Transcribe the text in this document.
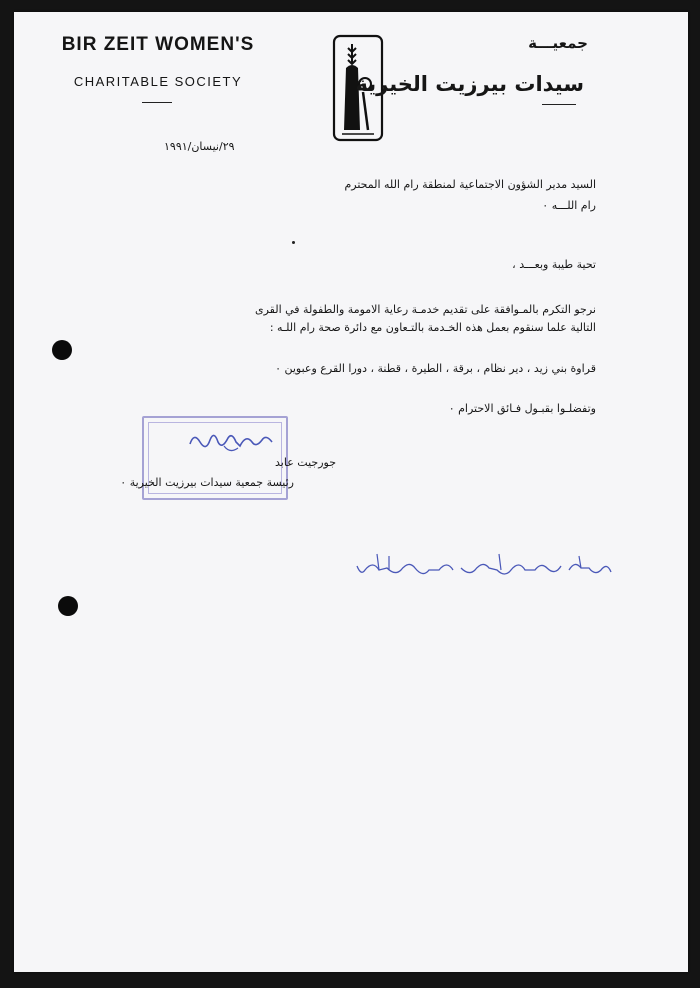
BIR ZEIT WOMEN'S
CHARITABLE SOCIETY
جمعيـــة
سيدات بيرزيت الخيرية
٢٩/نيسان/١٩٩١
السيد مدير الشؤون الاجتماعية لمنطقة رام الله المحترم
رام اللـــه ٠
تحية طيبة وبعـــد ،
نرجو التكرم بالمـوافقة على تقديم خدمـة رعاية الامومة والطفولة في القرى
التالية علما سنقوم بعمل هذه الخـدمة بالتـعاون مع دائرة صحة رام اللـه :
قراوة بني زيد ، دير نظام ، برقة ، الطيرة ، قطنة ، دورا القرع وعبوين ٠
وتفضلـوا بقبـول فـائق الاحترام ٠
جورجيت عابد
رئيسة جمعية سيدات بيرزيت الخيرية ٠
